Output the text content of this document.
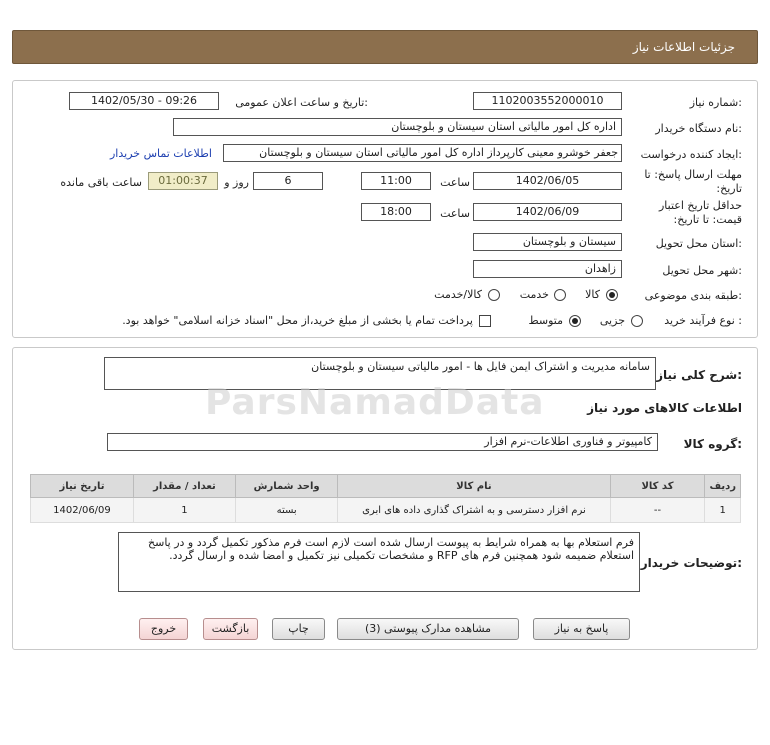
جزئیات اطلاعات نیاز
شماره نیاز:
1102003552000010
تاریخ و ساعت اعلان عمومی:
1402/05/30 - 09:26
نام دستگاه خریدار:
اداره کل امور مالیاتی استان سیستان و بلوچستان
ایجاد کننده درخواست:
جعفر خوشرو معینی کارپرداز اداره کل امور مالیاتی استان سیستان و بلوچستان
اطلاعات تماس خریدار
مهلت ارسال پاسخ: تا تاریخ:
1402/06/05
ساعت
11:00
6
روز و
01:00:37
ساعت باقی مانده
حداقل تاریخ اعتبار قیمت: تا تاریخ:
1402/06/09
ساعت
18:00
استان محل تحویل:
سیستان و بلوچستان
شهر محل تحویل:
زاهدان
طبقه بندی موضوعی:
کالا
خدمت
کالا/خدمت
نوع فرآیند خرید :
جزیی
متوسط
پرداخت تمام یا بخشی از مبلغ خرید،از محل "اسناد خزانه اسلامی" خواهد بود.
شرح کلی نیاز:
سامانه مدیریت و اشتراک ایمن فایل ها - امور مالیاتی سیستان و بلوچستان
اطلاعات کالاهای مورد نیاز
گروه کالا:
کامپیوتر و فناوری اطلاعات-نرم افزار
ردیف	کد کالا	نام کالا	واحد شمارش	تعداد / مقدار	تاریخ نیاز
1	--	نرم افزار دسترسی و به اشتراک گذاری داده های ابری	بسته	1	1402/06/09
توضیحات خریدار:
فرم استعلام بها به همراه شرایط به پیوست ارسال شده است لازم است فرم مذکور تکمیل گردد و در پاسخ استعلام ضمیمه شود همچنین فرم های RFP و مشخصات تکمیلی نیز تکمیل و امضا شده و ارسال گردد.
پاسخ به نیاز
مشاهده مدارک پیوستی (3)
چاپ
بازگشت
خروج
ParsNamadData
